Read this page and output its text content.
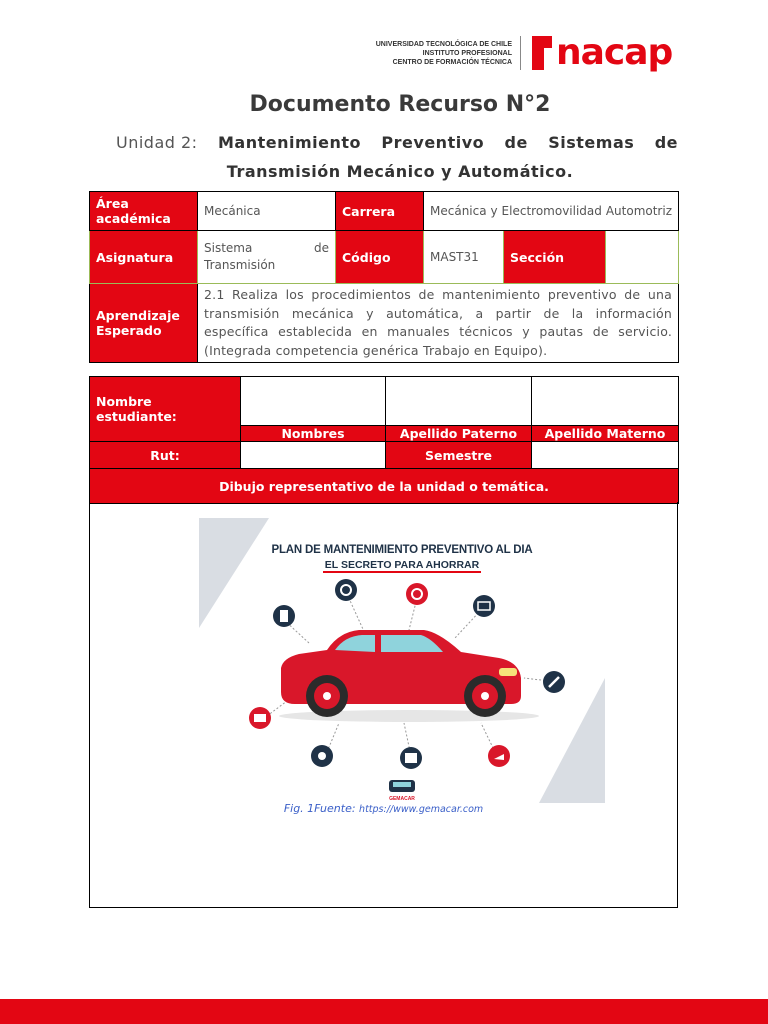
UNIVERSIDAD TECNOLÓGICA DE CHILE
INSTITUTO PROFESIONAL
CENTRO DE FORMACIÓN TÉCNICA nacap
Documento Recurso N°2
Unidad 2: Mantenimiento Preventivo de Sistemas de
Transmisión Mecánico y Automático.
Área académica	Mecánica	Carrera	Mecánica y Electromovilidad Automotriz		
Asignatura	Sistema de Transmisión	Código	MAST31	Sección	
Aprendizaje Esperado	2.1 Realiza los procedimientos de mantenimiento preventivo de una transmisión mecánica y automática, a partir de la información específica establecida en manuales técnicos y pautas de servicio. (Integrada competencia genérica Trabajo en Equipo).				
Nombre estudiante:			
	Nombres	Apellido Paterno	Apellido Materno
Rut:		Semestre	
Dibujo representativo de la unidad o temática.			
GEMACAR
PLAN DE MANTENIMIENTO PREVENTIVO AL DIA
EL SECRETO PARA AHORRAR
Fig. 1Fuente: https://www.gemacar.com
